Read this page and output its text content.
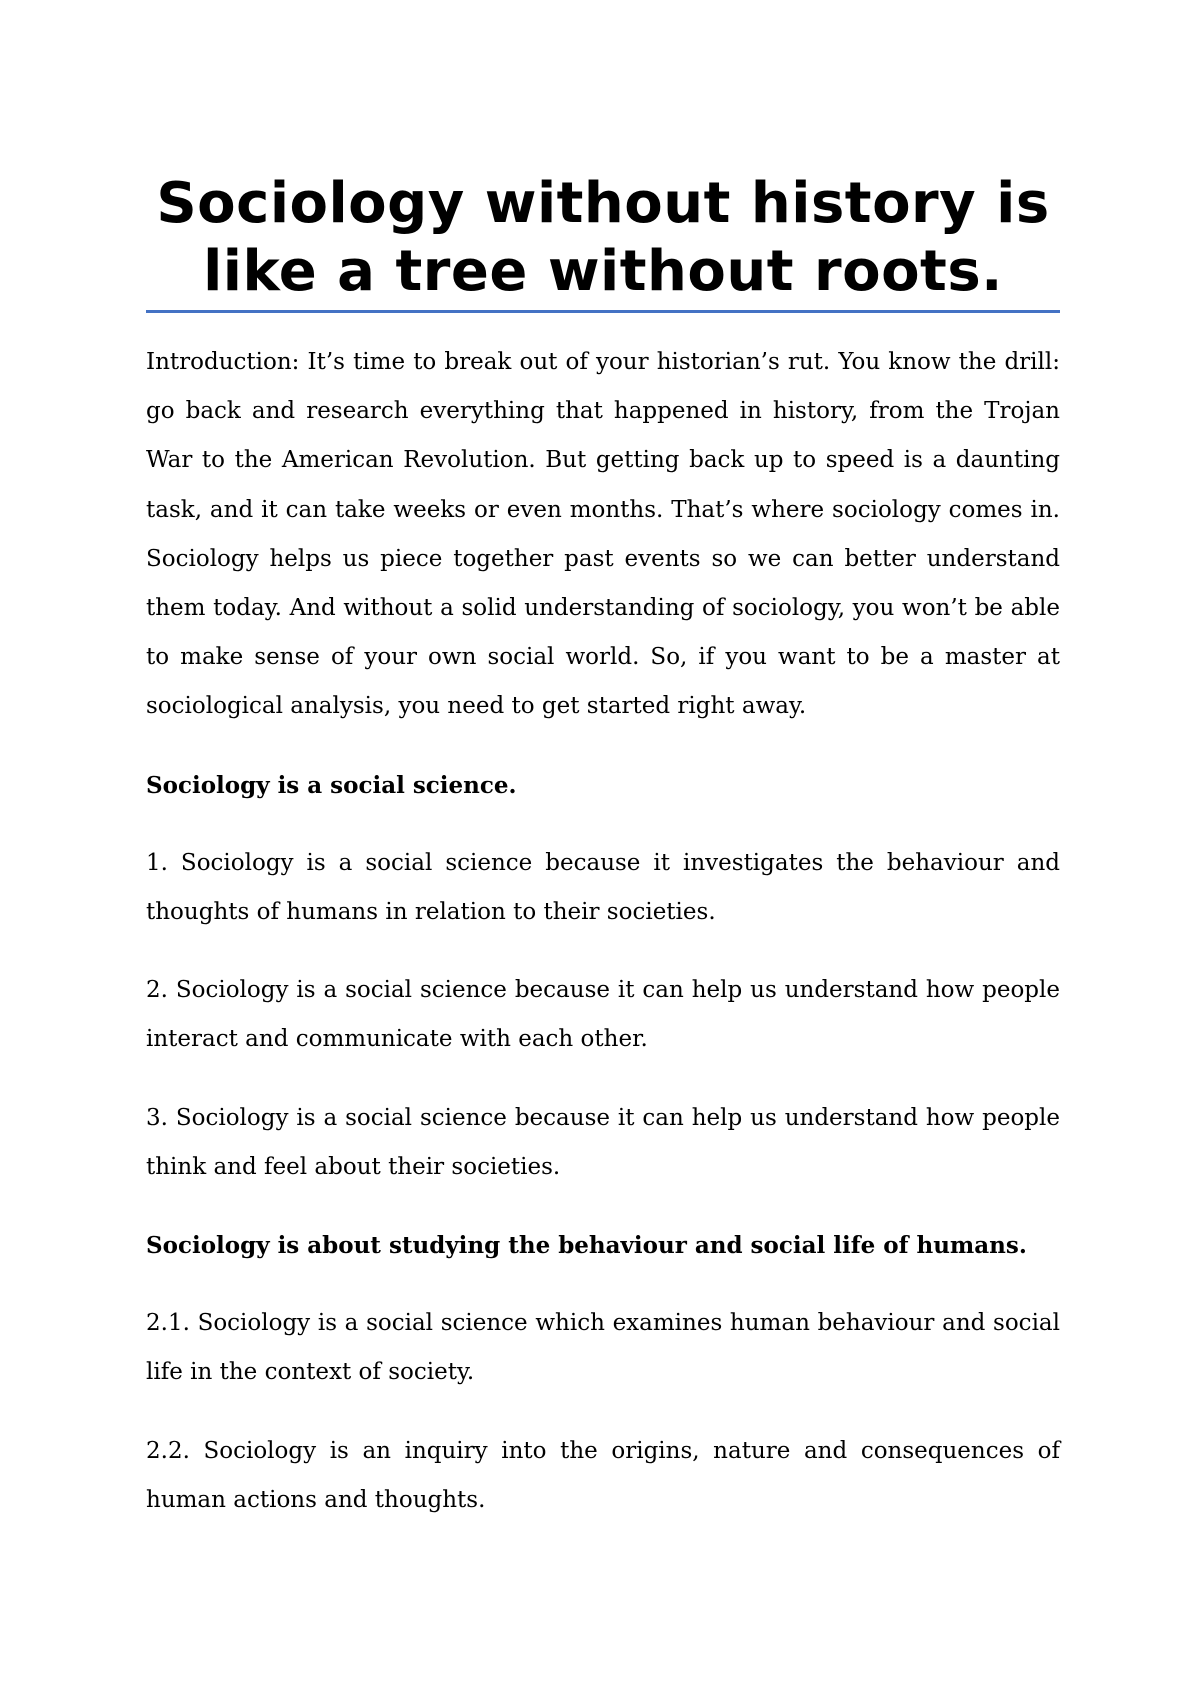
Sociology without history is like a tree without roots.

Introduction: It’s time to break out of your historian’s rut. You know the drill: go back and research everything that happened in history, from the Trojan War to the American Revolution. But getting back up to speed is a daunting task, and it can take weeks or even months. That’s where sociology comes in. Sociology helps us piece together past events so we can better understand them today. And without a solid understanding of sociology, you won’t be able to make sense of your own social world. So, if you want to be a master at sociological analysis, you need to get started right away.

Sociology is a social science.

1. Sociology is a social science because it investigates the behaviour and thoughts of humans in relation to their societies.

2. Sociology is a social science because it can help us understand how people interact and communicate with each other.

3. Sociology is a social science because it can help us understand how people think and feel about their societies.

Sociology is about studying the behaviour and social life of humans.

2.1. Sociology is a social science which examines human behaviour and social life in the context of society.

2.2. Sociology is an inquiry into the origins, nature and consequences of human actions and thoughts.
